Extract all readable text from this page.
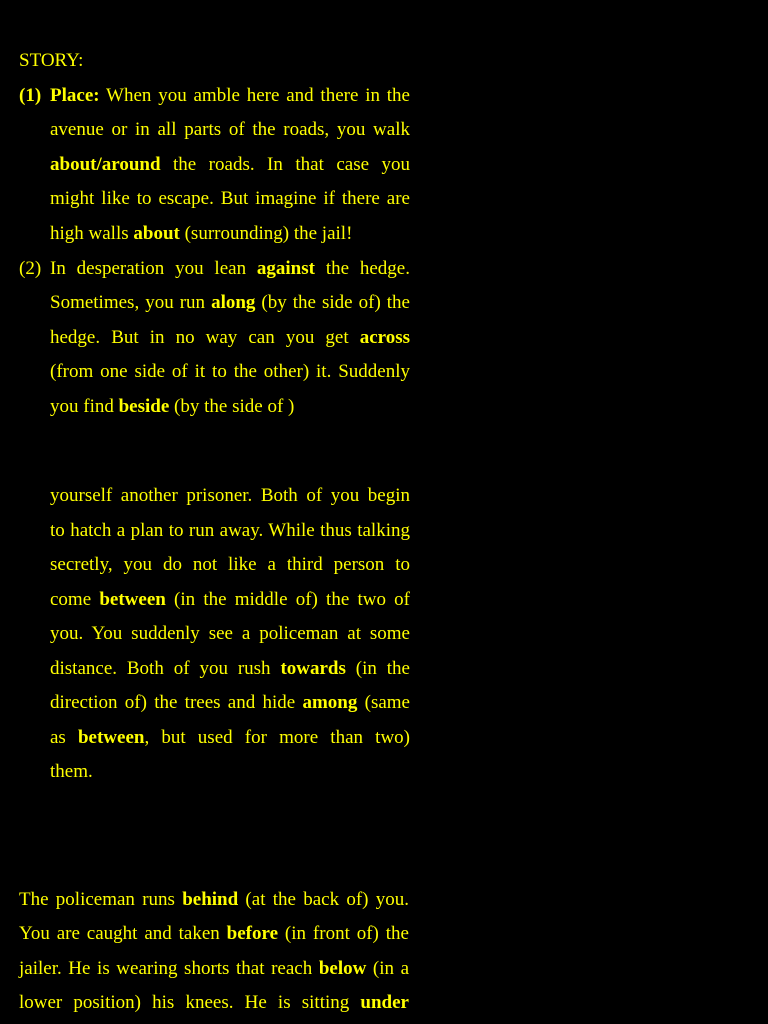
STORY:
(1) Place: When you amble here and there in the
avenue or in all parts of the roads, you walk
about/around the roads. In that case you
might like to escape. But imagine if there are
high walls about (surrounding) the jail!
(2) In desperation you lean against the hedge.
Sometimes, you run along (by the side of) the
hedge. But in no way can you get across
(from one side of it to the other) it. Suddenly
you find beside (by the side of )
yourself another prisoner. Both of you begin
to hatch a plan to run away. While thus talking
secretly, you do not like a third person to
come between (in the middle of) the two of
you. You suddenly see a policeman at some
distance. Both of you rush towards (in the
direction of) the trees and hide among (same
as between, but used for more than two)
them.
The policeman runs behind (at the back of) you.
You are caught and taken before (in front of) the
jailer. He is wearing shorts that reach below (in a
lower position) his knees. He is sitting under
